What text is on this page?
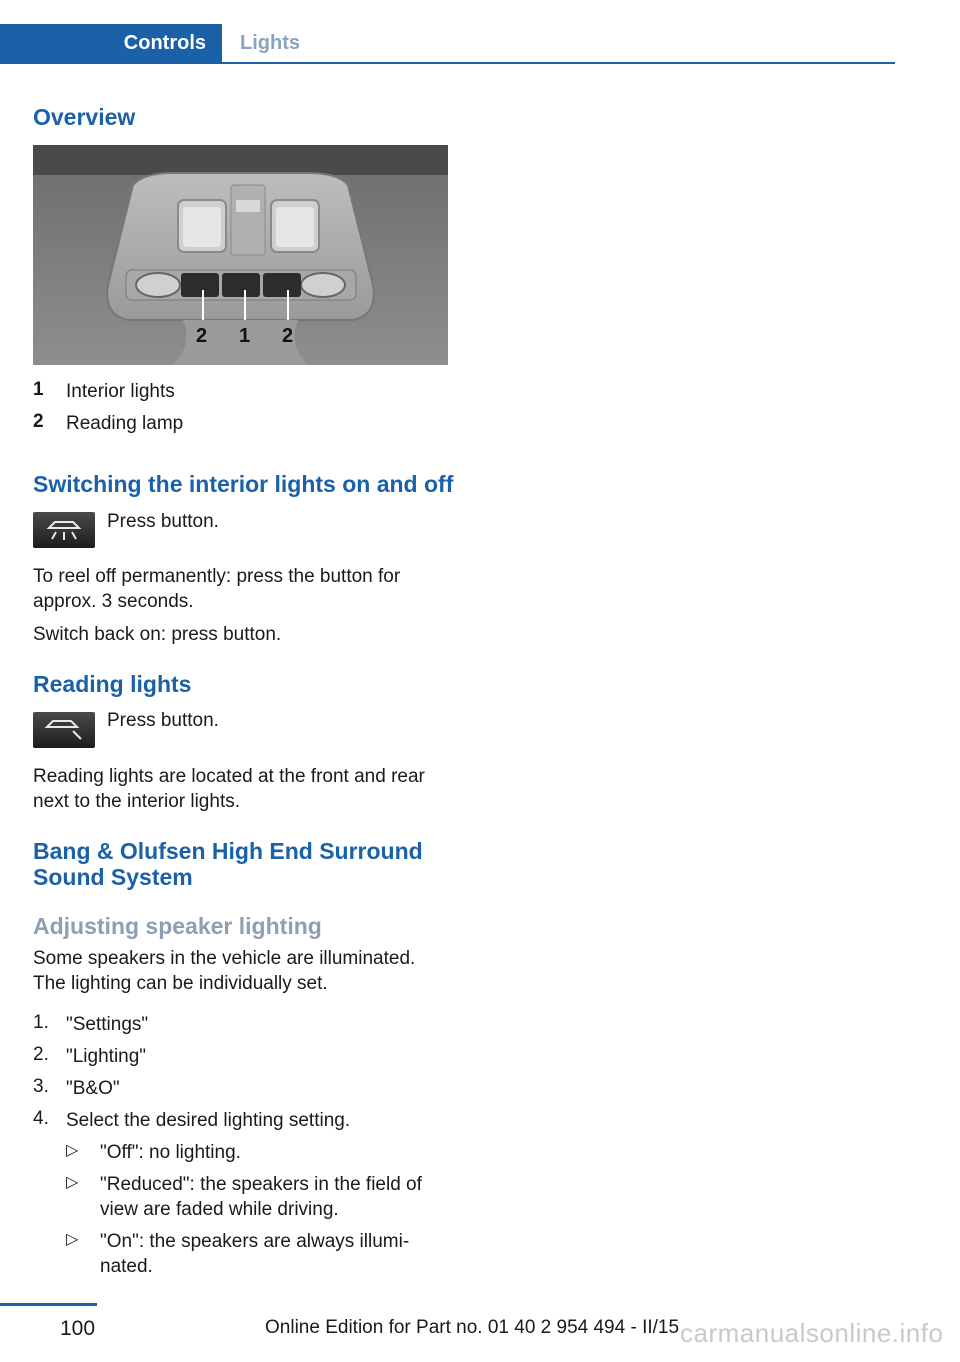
Controls	Lights
Overview
2 1 2
1 Interior lights
2 Reading lamp
Switching the interior lights on and off
Press button.
To reel off permanently: press the button for approx. 3 seconds.
Switch back on: press button.
Reading lights
Press button.
Reading lights are located at the front and rear next to the interior lights.
Bang & Olufsen High End Surround Sound System
Adjusting speaker lighting
Some speakers in the vehicle are illuminated. The lighting can be individually set.
1. "Settings"
2. "Lighting"
3. "B&O"
4. Select the desired lighting setting.
▷ "Off": no lighting.
▷ "Reduced": the speakers in the field of view are faded while driving.
▷ "On": the speakers are always illumi- nated.
100	Online Edition for Part no. 01 40 2 954 494 - II/15 carmanualsonline.info
